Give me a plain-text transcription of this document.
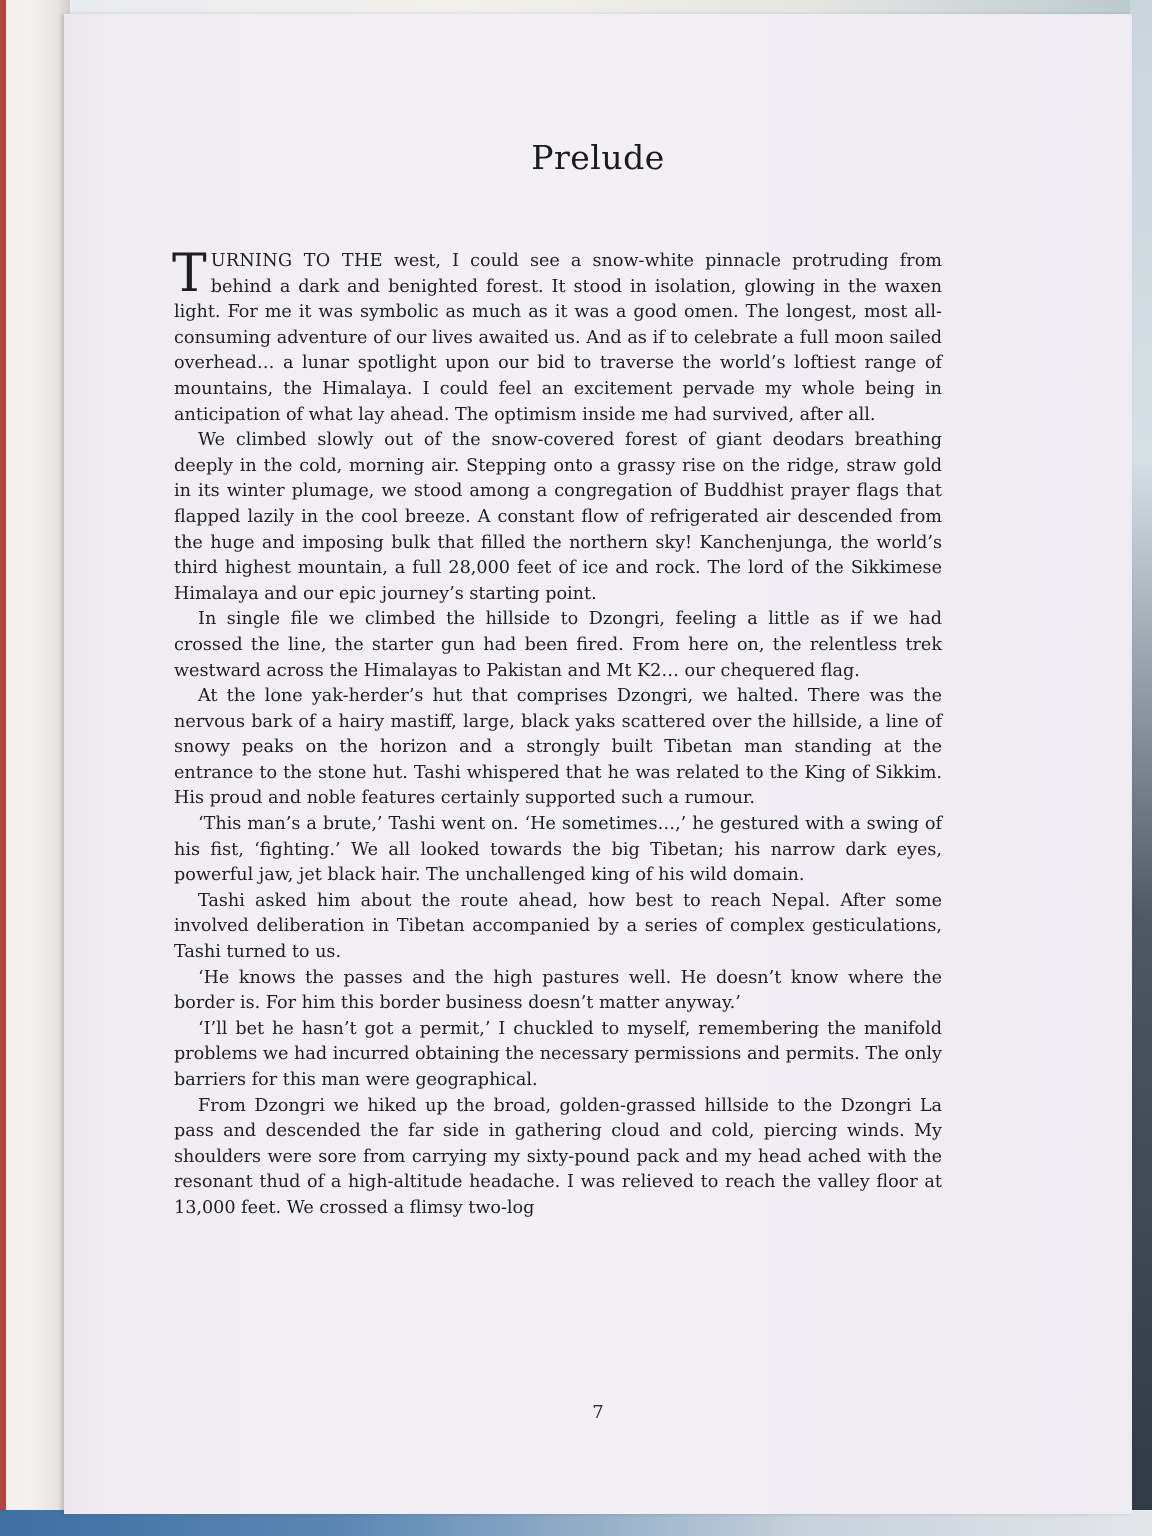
Prelude

TURNING TO THE west, I could see a snow-white pinnacle protruding from behind a dark and benighted forest. It stood in isolation, glowing in the waxen light. For me it was symbolic as much as it was a good omen. The longest, most all-consuming adventure of our lives awaited us. And as if to celebrate a full moon sailed overhead… a lunar spotlight upon our bid to traverse the world’s loftiest range of mountains, the Himalaya. I could feel an excitement pervade my whole being in anticipation of what lay ahead. The optimism inside me had survived, after all.

We climbed slowly out of the snow-covered forest of giant deodars breathing deeply in the cold, morning air. Stepping onto a grassy rise on the ridge, straw gold in its winter plumage, we stood among a congregation of Buddhist prayer flags that flapped lazily in the cool breeze. A constant flow of refrigerated air descended from the huge and imposing bulk that filled the northern sky! Kanchenjunga, the world’s third highest mountain, a full 28,000 feet of ice and rock. The lord of the Sikkimese Himalaya and our epic journey’s starting point.

In single file we climbed the hillside to Dzongri, feeling a little as if we had crossed the line, the starter gun had been fired. From here on, the relentless trek westward across the Himalayas to Pakistan and Mt K2… our chequered flag.

At the lone yak-herder’s hut that comprises Dzongri, we halted. There was the nervous bark of a hairy mastiff, large, black yaks scattered over the hillside, a line of snowy peaks on the horizon and a strongly built Tibetan man standing at the entrance to the stone hut. Tashi whispered that he was related to the King of Sikkim. His proud and noble features certainly supported such a rumour.

‘This man’s a brute,’ Tashi went on. ‘He sometimes…,’ he gestured with a swing of his fist, ‘fighting.’ We all looked towards the big Tibetan; his narrow dark eyes, powerful jaw, jet black hair. The unchallenged king of his wild domain.

Tashi asked him about the route ahead, how best to reach Nepal. After some involved deliberation in Tibetan accompanied by a series of complex gesticulations, Tashi turned to us.

‘He knows the passes and the high pastures well. He doesn’t know where the border is. For him this border business doesn’t matter anyway.’

‘I’ll bet he hasn’t got a permit,’ I chuckled to myself, remembering the manifold problems we had incurred obtaining the necessary permissions and permits. The only barriers for this man were geographical.

From Dzongri we hiked up the broad, golden-grassed hillside to the Dzongri La pass and descended the far side in gathering cloud and cold, piercing winds. My shoulders were sore from carrying my sixty-pound pack and my head ached with the resonant thud of a high-altitude headache. I was relieved to reach the valley floor at 13,000 feet. We crossed a flimsy two-log

7
